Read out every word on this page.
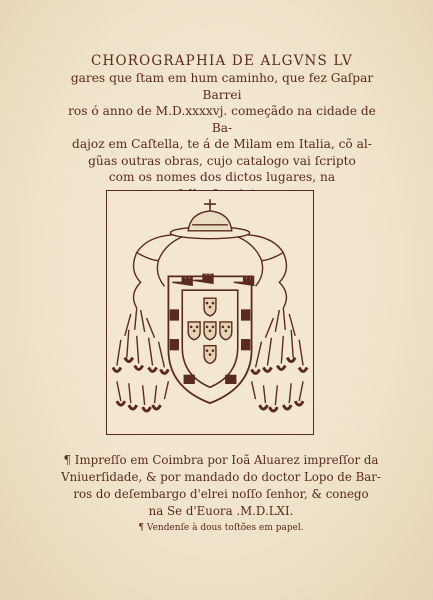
CHOROGRAPHIA DE ALGVNS LV

gares que ſtam em hum caminho, que fez Gaſpar Barrei

ros ó anno de M.D.xxxxvj. começãdo na cidade de Ba-

dajoz em Caſtella, te á de Milam em Italia, cõ al-

gũas outras obras, cujo catalogo vai ſcripto

com os nomes dos dictos lugares, na

¶ Impreſſo em Coimbra por Ioã Aluarez impreſſor da

Vniuerſidade, & por mandado do doctor Lopo de Bar-

ros do deſembargo d'elrei noſſo ſenhor, & conego

na Se d'Euora .M.D.LXI.

¶ Vendenſe à dous toſtões em papel.
